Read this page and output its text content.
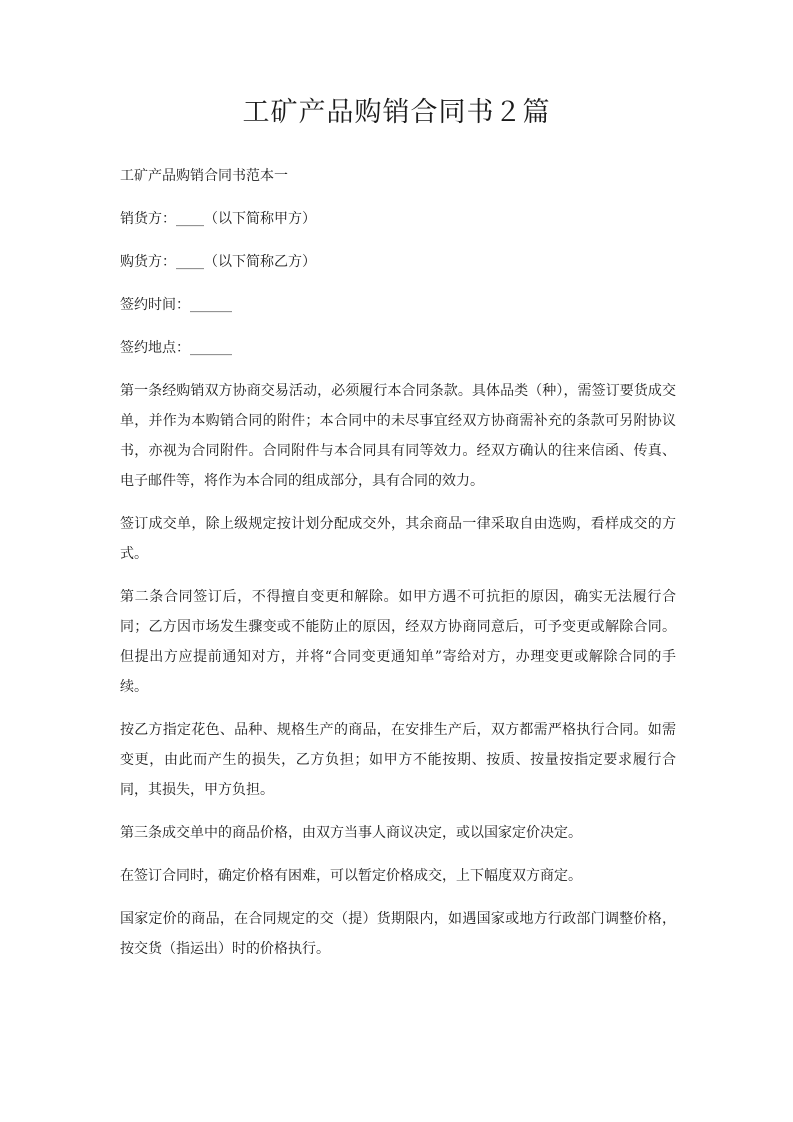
工矿产品购销合同书２篇

工矿产品购销合同书范本一

销货方：____（以下简称甲方）

购货方：____（以下简称乙方）

签约时间：______

签约地点：______

第一条经购销双方协商交易活动，必须履行本合同条款。具体品类（种），需签订要货成交单，并作为本购销合同的附件；本合同中的未尽事宜经双方协商需补充的条款可另附协议书，亦视为合同附件。合同附件与本合同具有同等效力。经双方确认的往来信函、传真、电子邮件等，将作为本合同的组成部分，具有合同的效力。

签订成交单，除上级规定按计划分配成交外，其余商品一律采取自由选购，看样成交的方式。

第二条合同签订后，不得擅自变更和解除。如甲方遇不可抗拒的原因，确实无法履行合同；乙方因市场发生骤变或不能防止的原因，经双方协商同意后，可予变更或解除合同。但提出方应提前通知对方，并将“合同变更通知单”寄给对方，办理变更或解除合同的手续。

按乙方指定花色、品种、规格生产的商品，在安排生产后，双方都需严格执行合同。如需变更，由此而产生的损失，乙方负担；如甲方不能按期、按质、按量按指定要求履行合同，其损失，甲方负担。

第三条成交单中的商品价格，由双方当事人商议决定，或以国家定价决定。

在签订合同时，确定价格有困难，可以暂定价格成交，上下幅度双方商定。

国家定价的商品，在合同规定的交（提）货期限内，如遇国家或地方行政部门调整价格，按交货（指运出）时的价格执行。
